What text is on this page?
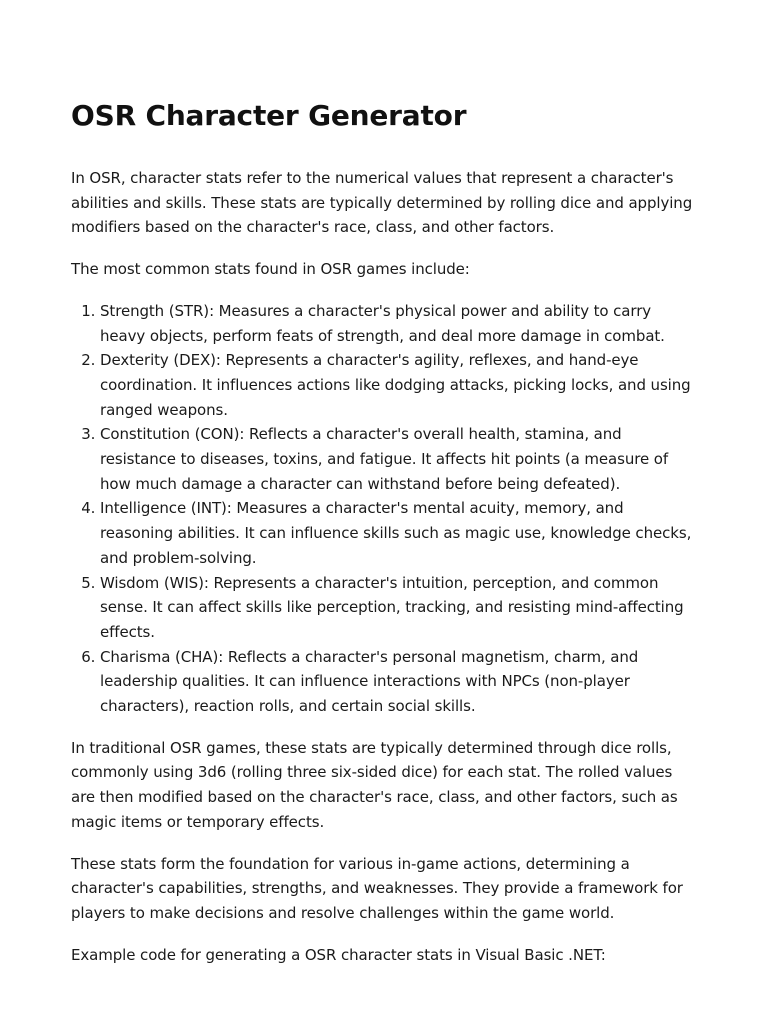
OSR Character Generator

In OSR, character stats refer to the numerical values that represent a character's abilities and skills. These stats are typically determined by rolling dice and applying modifiers based on the character's race, class, and other factors.

The most common stats found in OSR games include:

1. Strength (STR): Measures a character's physical power and ability to carry heavy objects, perform feats of strength, and deal more damage in combat.
2. Dexterity (DEX): Represents a character's agility, reflexes, and hand-eye coordination. It influences actions like dodging attacks, picking locks, and using ranged weapons.
3. Constitution (CON): Reflects a character's overall health, stamina, and resistance to diseases, toxins, and fatigue. It affects hit points (a measure of how much damage a character can withstand before being defeated).
4. Intelligence (INT): Measures a character's mental acuity, memory, and reasoning abilities. It can influence skills such as magic use, knowledge checks, and problem-solving.
5. Wisdom (WIS): Represents a character's intuition, perception, and common sense. It can affect skills like perception, tracking, and resisting mind-affecting effects.
6. Charisma (CHA): Reflects a character's personal magnetism, charm, and leadership qualities. It can influence interactions with NPCs (non-player characters), reaction rolls, and certain social skills.

In traditional OSR games, these stats are typically determined through dice rolls, commonly using 3d6 (rolling three six-sided dice) for each stat. The rolled values are then modified based on the character's race, class, and other factors, such as magic items or temporary effects.

These stats form the foundation for various in-game actions, determining a character's capabilities, strengths, and weaknesses. They provide a framework for players to make decisions and resolve challenges within the game world.

Example code for generating a OSR character stats in Visual Basic .NET:
